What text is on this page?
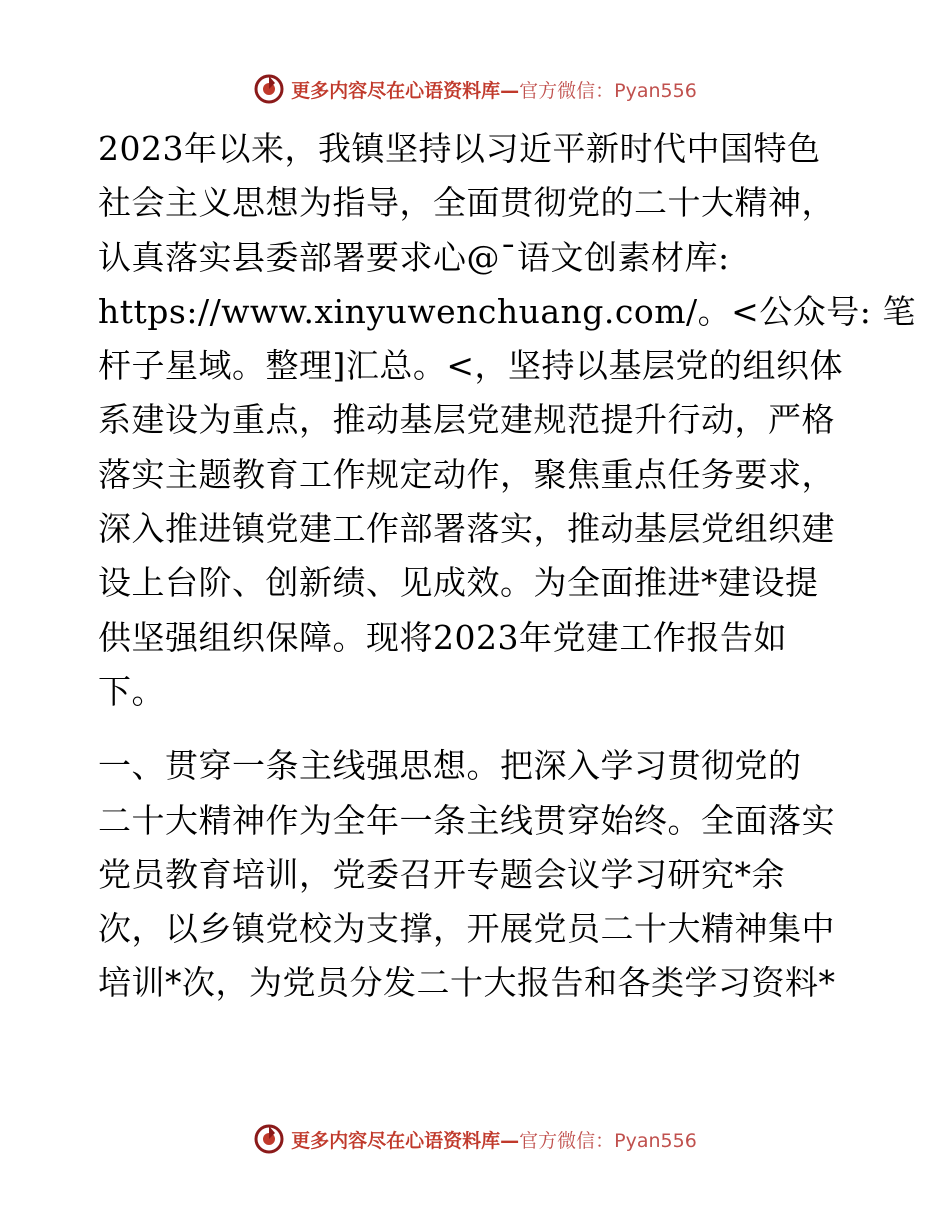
更多内容尽在心语资料库—官方微信：Pyan556

2023年以来，我镇坚持以习近平新时代中国特色
社会主义思想为指导，全面贯彻党的二十大精神，
认真落实县委部署要求心@¯语文创素材库:
https://www.xinyuwenchuang.com/。<公众号: 笔
杆子星域。整理]汇总。<，坚持以基层党的组织体
系建设为重点，推动基层党建规范提升行动，严格
落实主题教育工作规定动作，聚焦重点任务要求，
深入推进镇党建工作部署落实，推动基层党组织建
设上台阶、创新绩、见成效。为全面推进*建设提
供坚强组织保障。现将2023年党建工作报告如
下。

一、贯穿一条主线强思想。把深入学习贯彻党的
二十大精神作为全年一条主线贯穿始终。全面落实
党员教育培训，党委召开专题会议学习研究*余
次，以乡镇党校为支撑，开展党员二十大精神集中
培训*次，为党员分发二十大报告和各类学习资料*

更多内容尽在心语资料库—官方微信：Pyan556
